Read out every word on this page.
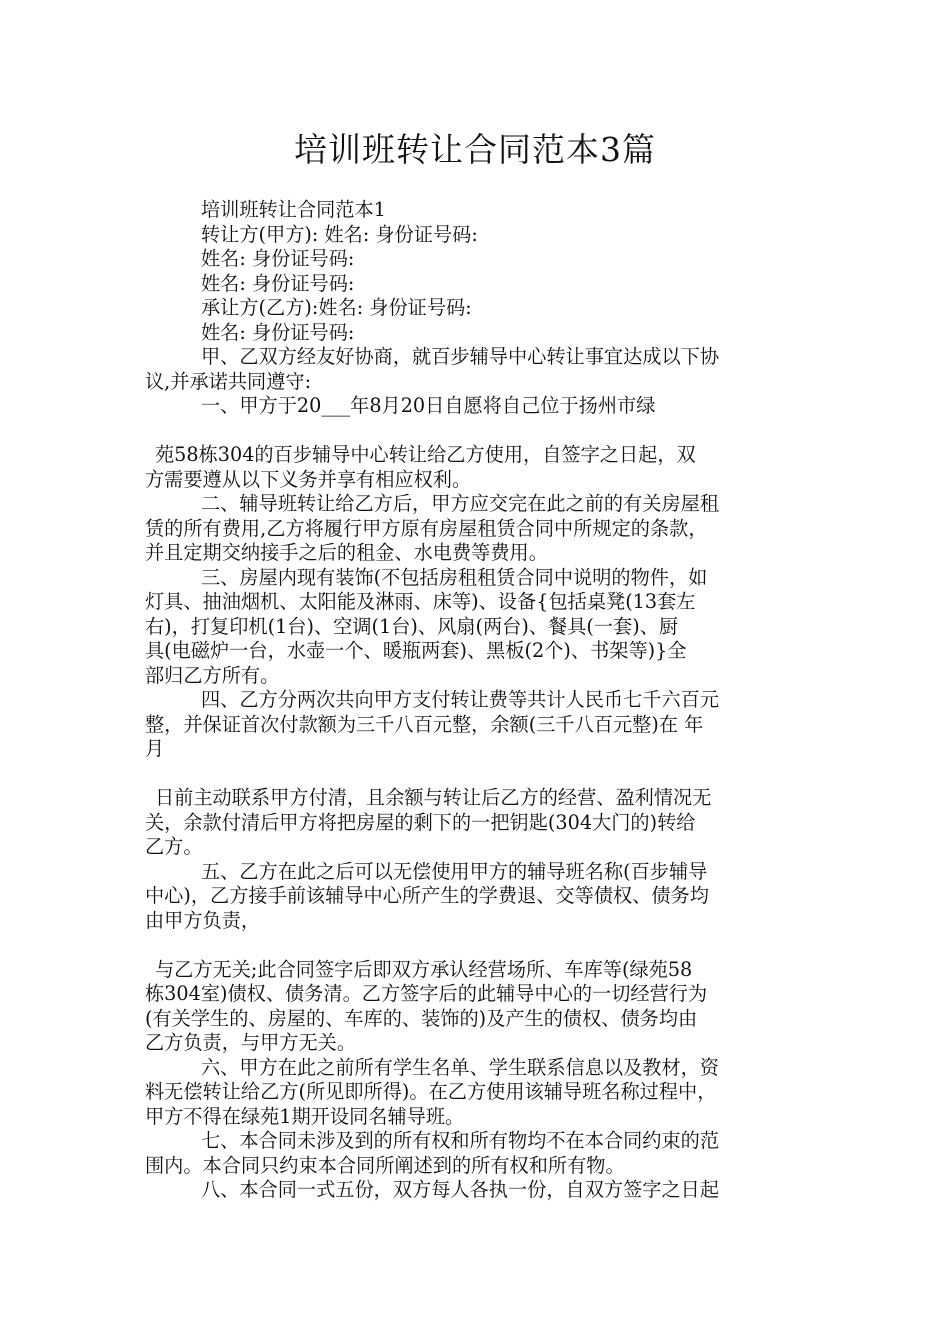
培训班转让合同范本3篇

培训班转让合同范本1

转让方(甲方): 姓名: 身份证号码:

姓名: 身份证号码:

姓名: 身份证号码:

承让方(乙方):姓名: 身份证号码:

姓名: 身份证号码:

甲、乙双方经友好协商，就百步辅导中心转让事宜达成以下协

议,并承诺共同遵守:

一、甲方于20___年8月20日自愿将自己位于扬州市绿

苑58栋304的百步辅导中心转让给乙方使用，自签字之日起，双

方需要遵从以下义务并享有相应权利。

二、辅导班转让给乙方后，甲方应交完在此之前的有关房屋租

赁的所有费用,乙方将履行甲方原有房屋租赁合同中所规定的条款，

并且定期交纳接手之后的租金、水电费等费用。

三、房屋内现有装饰(不包括房租租赁合同中说明的物件，如

灯具、抽油烟机、太阳能及淋雨、床等)、设备{包括桌凳(13套左

右)，打复印机(1台)、空调(1台)、风扇(两台)、餐具(一套)、厨

具(电磁炉一台，水壶一个、暖瓶两套)、黑板(2个)、书架等)}全

部归乙方所有。

四、乙方分两次共向甲方支付转让费等共计人民币七千六百元

整，并保证首次付款额为三千八百元整，余额(三千八百元整)在 年

月

日前主动联系甲方付清，且余额与转让后乙方的经营、盈利情况无

关，余款付清后甲方将把房屋的剩下的一把钥匙(304大门的)转给

乙方。

五、乙方在此之后可以无偿使用甲方的辅导班名称(百步辅导

中心)，乙方接手前该辅导中心所产生的学费退、交等债权、债务均

由甲方负责，

与乙方无关;此合同签字后即双方承认经营场所、车库等(绿苑58

栋304室)债权、债务清。乙方签字后的此辅导中心的一切经营行为

(有关学生的、房屋的、车库的、装饰的)及产生的债权、债务均由

乙方负责，与甲方无关。

六、甲方在此之前所有学生名单、学生联系信息以及教材，资

料无偿转让给乙方(所见即所得)。在乙方使用该辅导班名称过程中，

甲方不得在绿苑1期开设同名辅导班。

七、本合同未涉及到的所有权和所有物均不在本合同约束的范

围内。本合同只约束本合同所阐述到的所有权和所有物。

八、本合同一式五份，双方每人各执一份，自双方签字之日起
